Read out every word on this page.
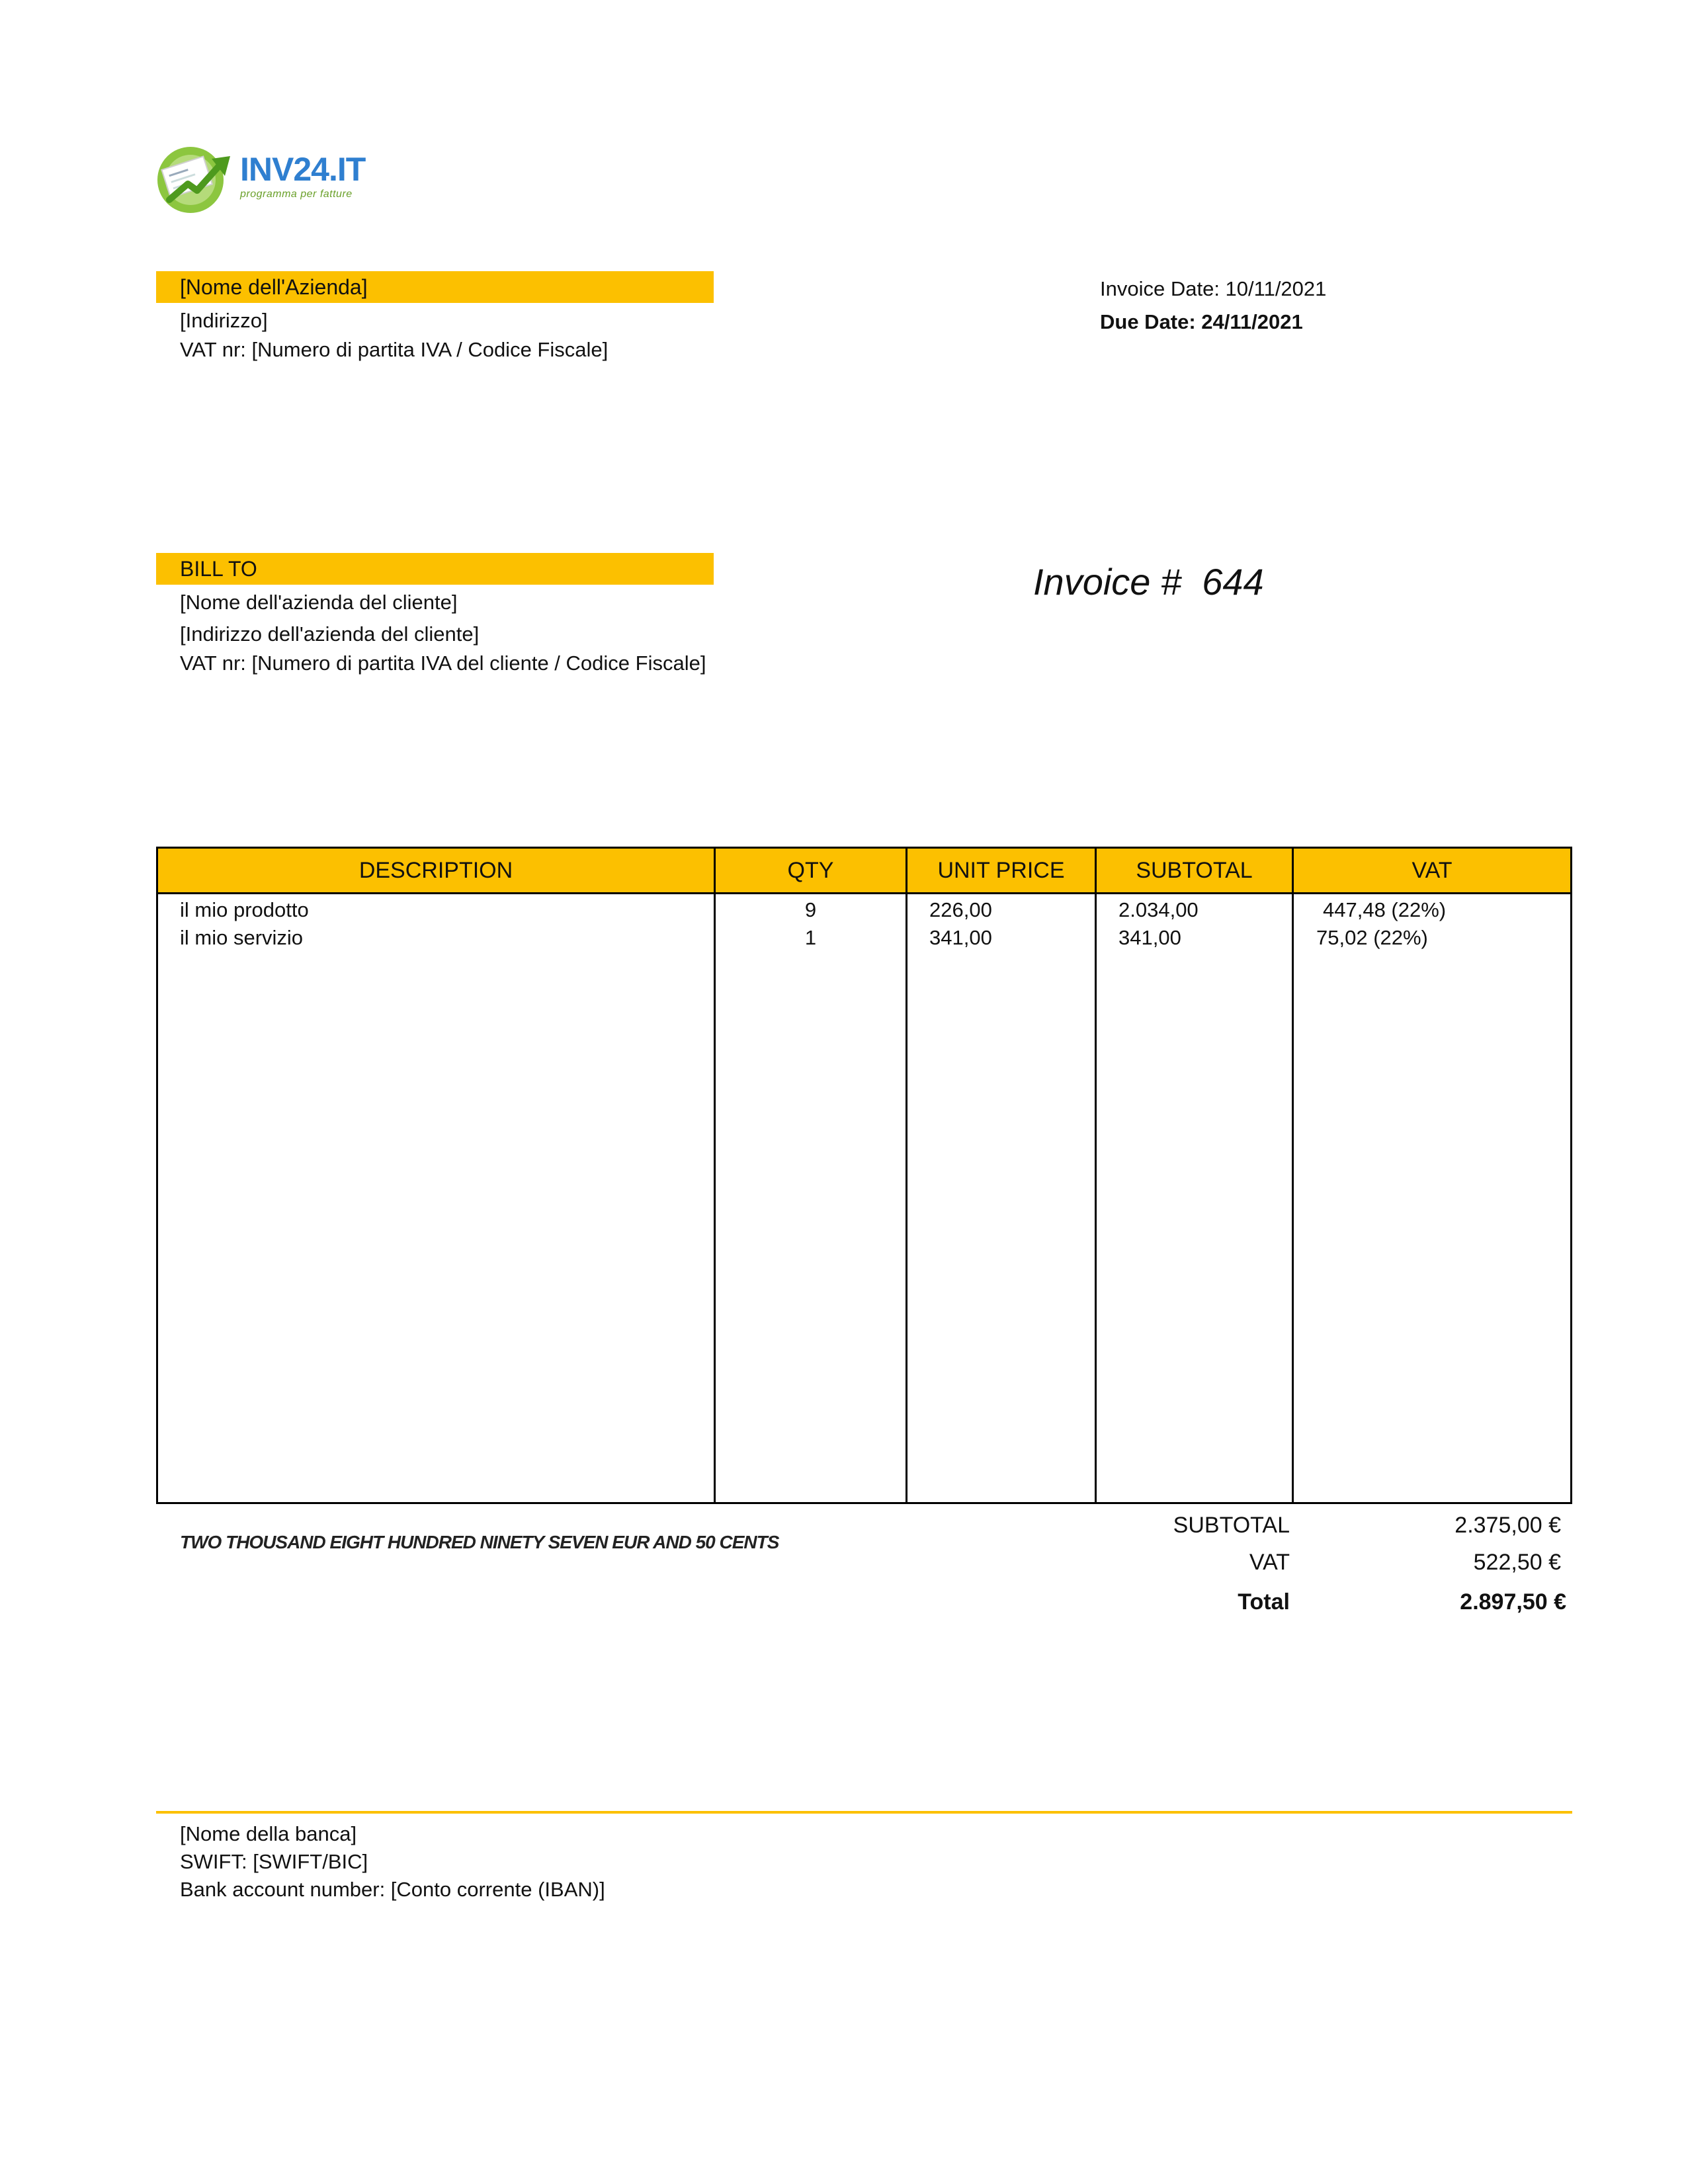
INV24.IT
programma per fatture
[Nome dell'Azienda]
[Indirizzo]
VAT nr: [Numero di partita IVA / Codice Fiscale]
Invoice Date: 10/11/2021
Due Date: 24/11/2021
BILL TO
[Nome dell'azienda del cliente]
[Indirizzo dell'azienda del cliente]
VAT nr: [Numero di partita IVA del cliente / Codice Fiscale]
Invoice # 644
DESCRIPTION	QTY	UNIT PRICE	SUBTOTAL	VAT
il mio prodotto	9	226,00	2.034,00	447,48 (22%)
il mio servizio	1	341,00	341,00	75,02 (22%)
TWO THOUSAND EIGHT HUNDRED NINETY SEVEN EUR AND 50 CENTS
SUBTOTAL	2.375,00 €
VAT	522,50 €
Total	2.897,50 €
[Nome della banca]
SWIFT: [SWIFT/BIC]
Bank account number: [Conto corrente (IBAN)]
